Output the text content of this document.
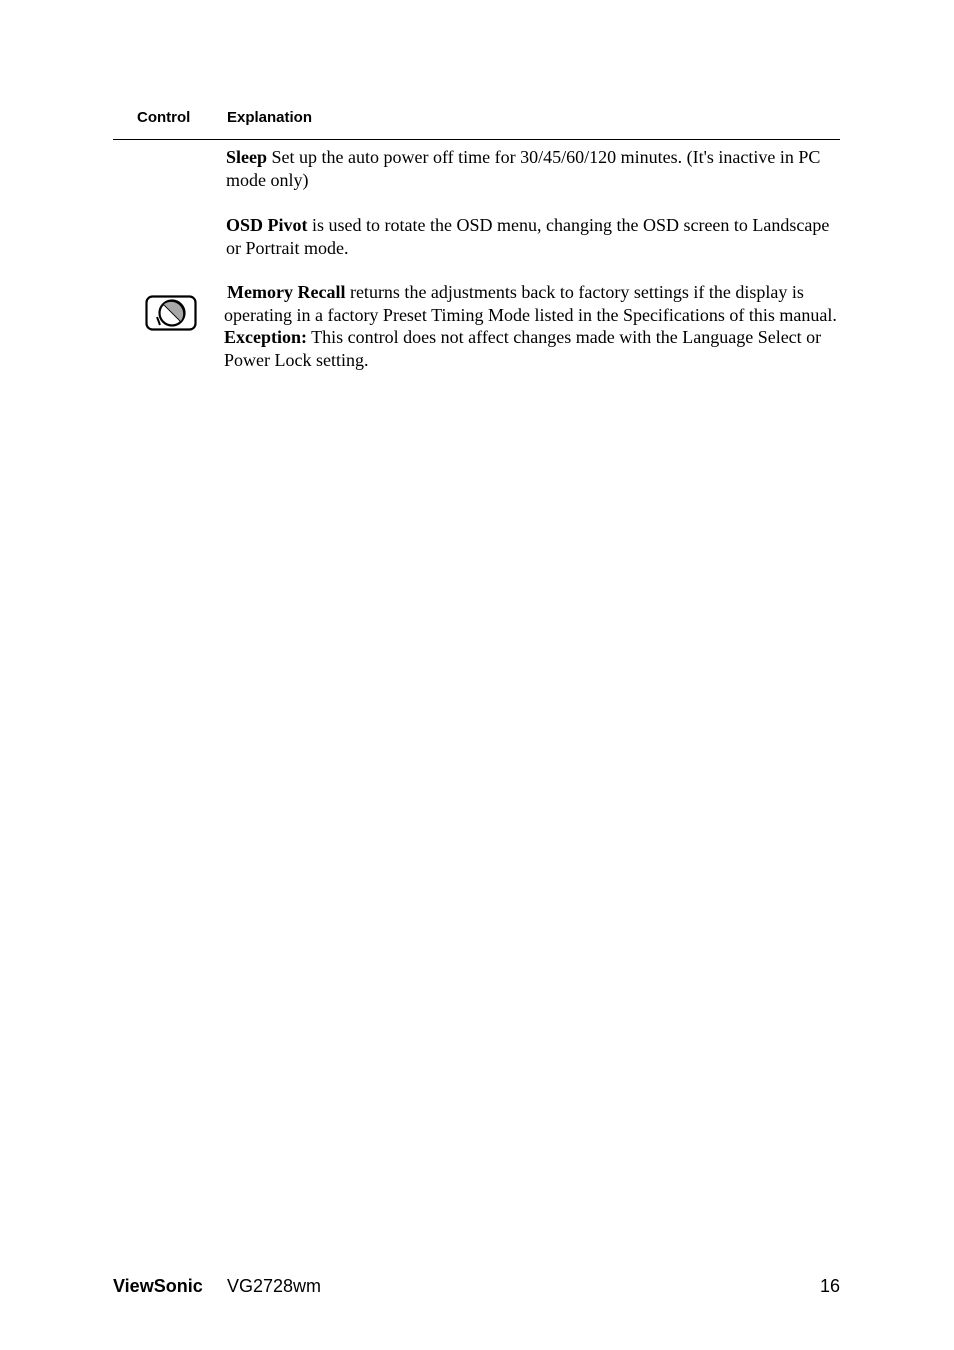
Control Explanation
Sleep Set up the auto power off time for 30/45/60/120 minutes. (It's inactive in PC mode only)
OSD Pivot is used to rotate the OSD menu, changing the OSD screen to Landscape or Portrait mode.
Memory Recall returns the adjustments back to factory settings if the display is operating in a factory Preset Timing Mode listed in the Specifications of this manual.
Exception: This control does not affect changes made with the Language Select or Power Lock setting.
ViewSonic VG2728wm	16
